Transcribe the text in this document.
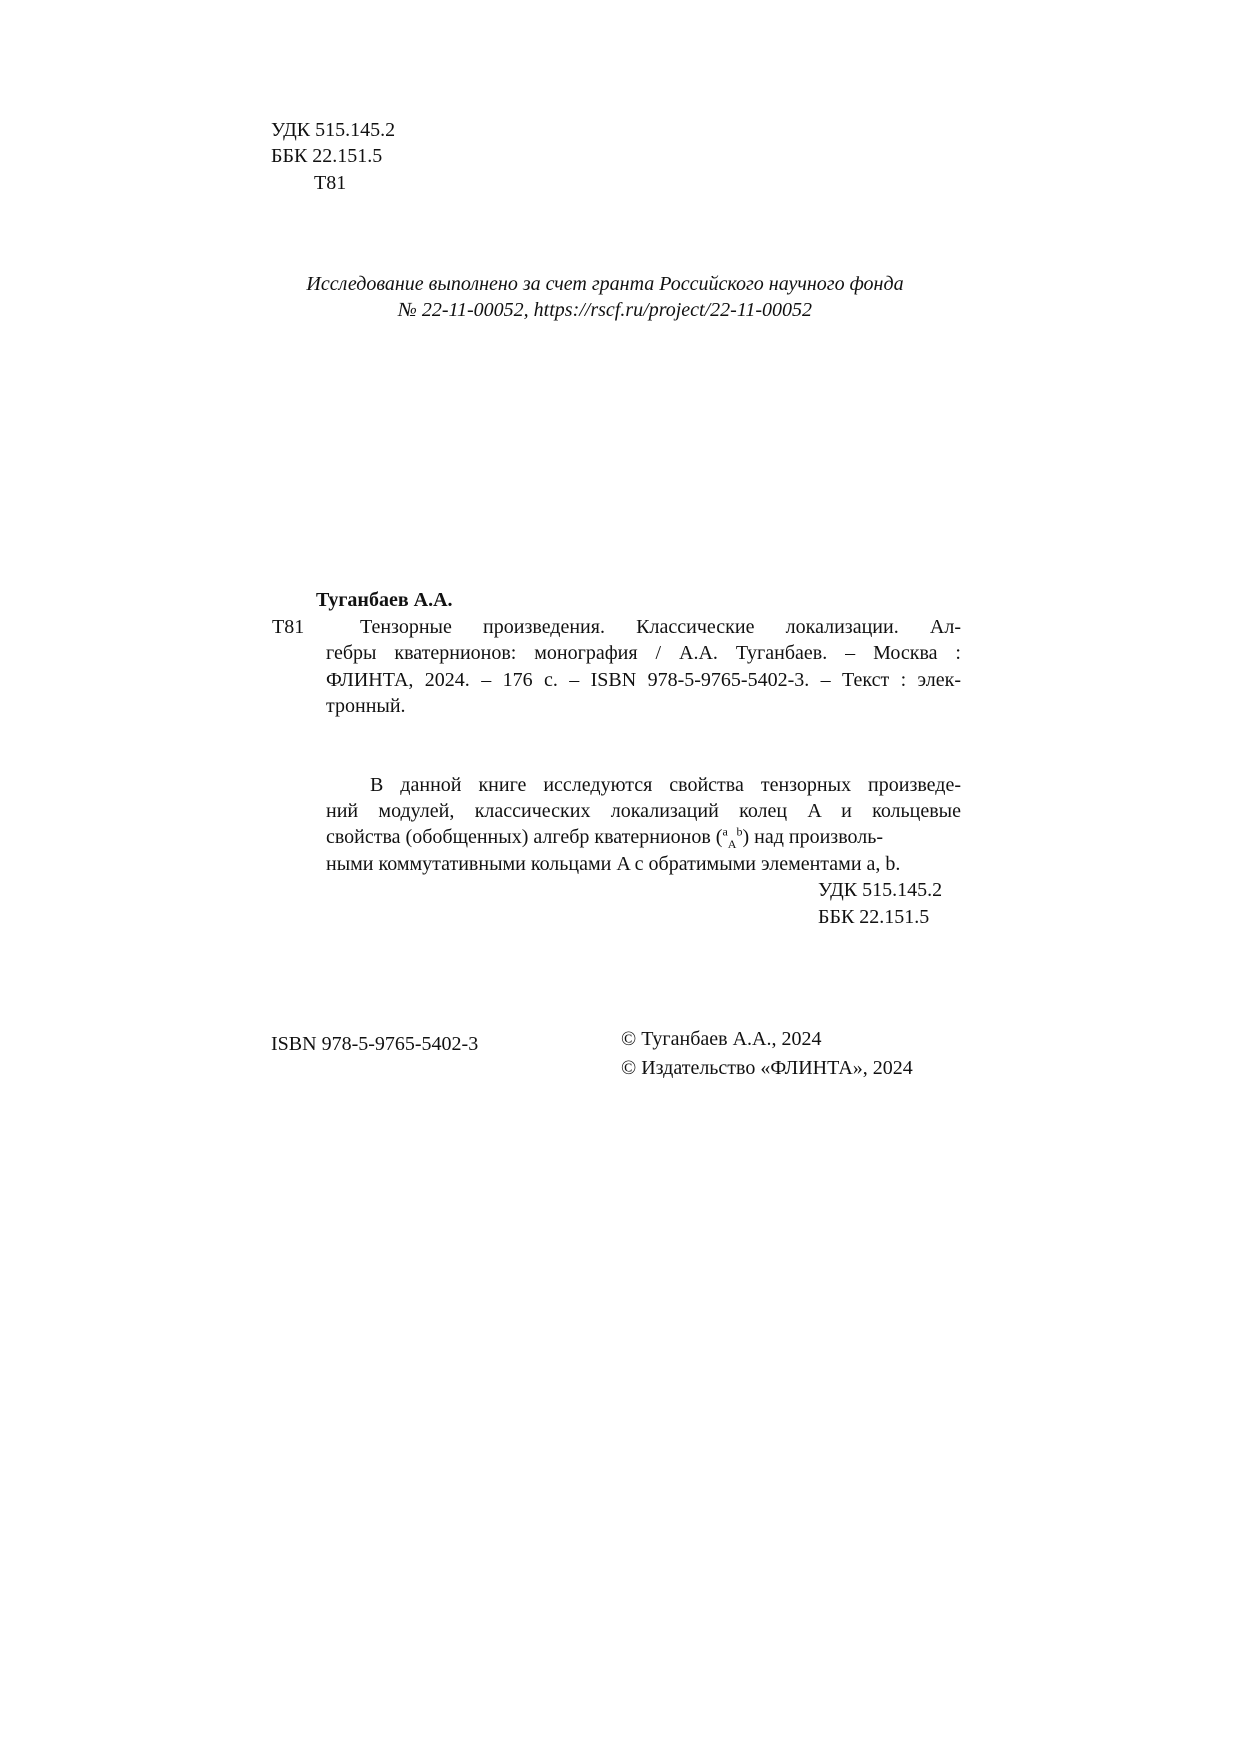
УДК 515.145.2
ББК 22.151.5
Т81
Исследование выполнено за счет гранта Российского научного фонда
№ 22-11-00052, https://rscf.ru/project/22-11-00052
Туганбаев А.А.
Т81	Тензорные произведения. Классические локализации. Ал-
гебры кватернионов: монография / А.А. Туганбаев. – Москва :
ФЛИНТА, 2024. – 176 с. – ISBN 978-5-9765-5402-3. – Текст : элек-
тронный.
В данной книге исследуются свойства тензорных произведе-
ний модулей, классических локализаций колец A и кольцевые
свойства (обобщенных) алгебр кватернионов ($^a_A^b$) над произволь-
ными коммутативными кольцами A с обратимыми элементами a, b.
УДК 515.145.2
ББК 22.151.5
ISBN 978-5-9765-5402-3	© Туганбаев А.А., 2024
© Издательство «ФЛИНТА», 2024
